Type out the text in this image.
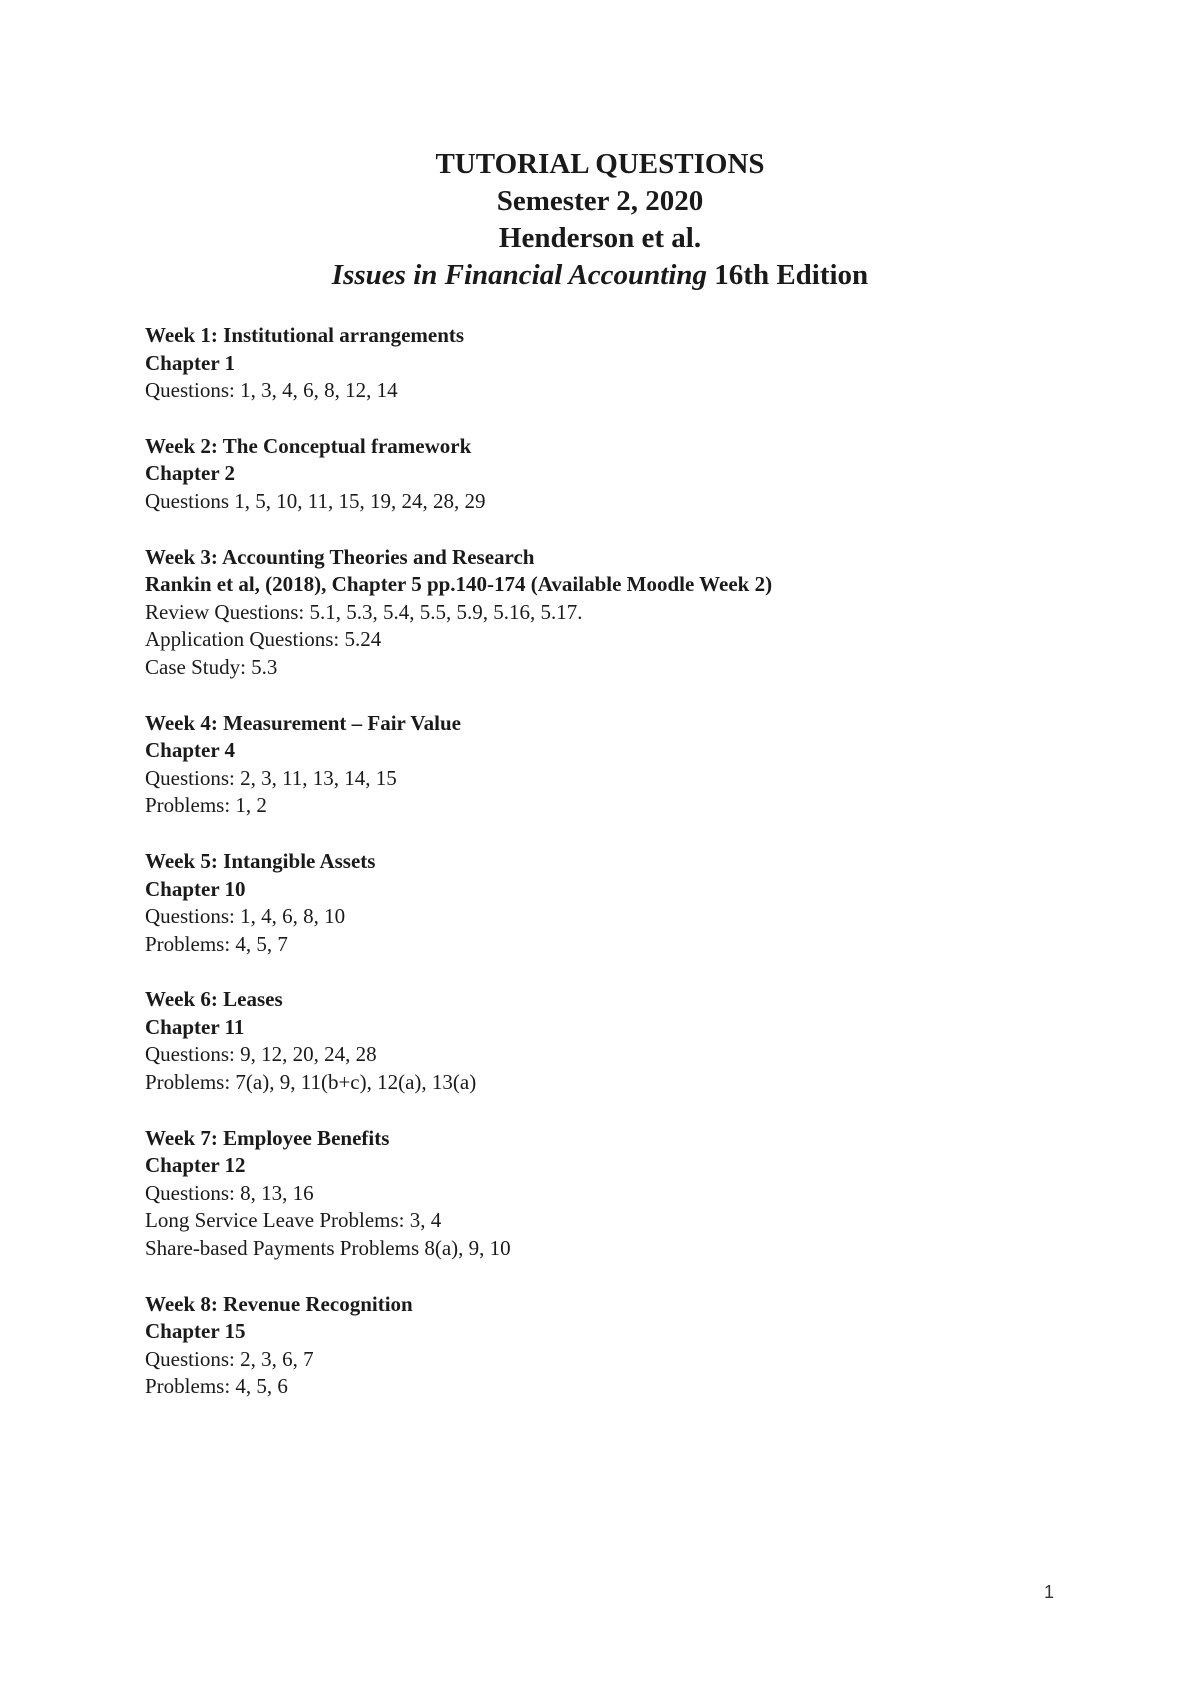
TUTORIAL QUESTIONS
Semester 2, 2020
Henderson et al.
Issues in Financial Accounting 16th Edition
Week 1: Institutional arrangements
Chapter 1
Questions: 1, 3, 4, 6, 8, 12, 14
Week 2: The Conceptual framework
Chapter 2
Questions 1, 5, 10, 11, 15, 19, 24, 28, 29
Week 3: Accounting Theories and Research
Rankin et al, (2018), Chapter 5 pp.140-174 (Available Moodle Week 2)
Review Questions: 5.1, 5.3, 5.4, 5.5, 5.9, 5.16, 5.17.
Application Questions: 5.24
Case Study: 5.3
Week 4: Measurement – Fair Value
Chapter 4
Questions: 2, 3, 11, 13, 14, 15
Problems: 1, 2
Week 5: Intangible Assets
Chapter 10
Questions: 1, 4, 6, 8, 10
Problems: 4, 5, 7
Week 6: Leases
Chapter 11
Questions: 9, 12, 20, 24, 28
Problems: 7(a), 9, 11(b+c), 12(a), 13(a)
Week 7: Employee Benefits
Chapter 12
Questions: 8, 13, 16
Long Service Leave Problems: 3, 4
Share-based Payments Problems 8(a), 9, 10
Week 8: Revenue Recognition
Chapter 15
Questions: 2, 3, 6, 7
Problems: 4, 5, 6
1
